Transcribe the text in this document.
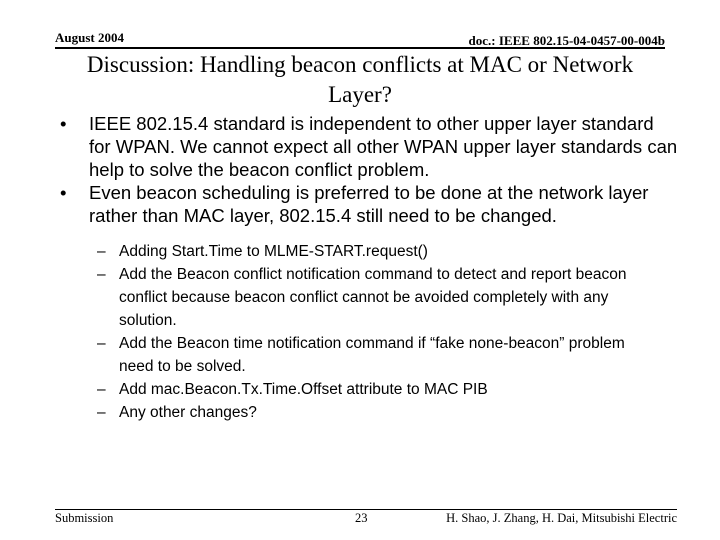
August 2004	doc.: IEEE 802.15-04-0457-00-004b
Discussion: Handling beacon conflicts at MAC or Network Layer?
• IEEE 802.15.4 standard is independent to other upper layer standard for WPAN. We cannot expect all other WPAN upper layer standards can help to solve the beacon conflict problem.
• Even beacon scheduling is preferred to be done at the network layer rather than MAC layer, 802.15.4 still need to be changed.
– Adding Start.Time to MLME-START.request()
– Add the Beacon conflict notification command to detect and report beacon conflict because beacon conflict cannot be avoided completely with any solution.
– Add the Beacon time notification command if “fake none-beacon” problem need to be solved.
– Add mac.Beacon.Tx.Time.Offset attribute to MAC PIB
– Any other changes?
Submission	23	H. Shao, J. Zhang, H. Dai, Mitsubishi Electric
